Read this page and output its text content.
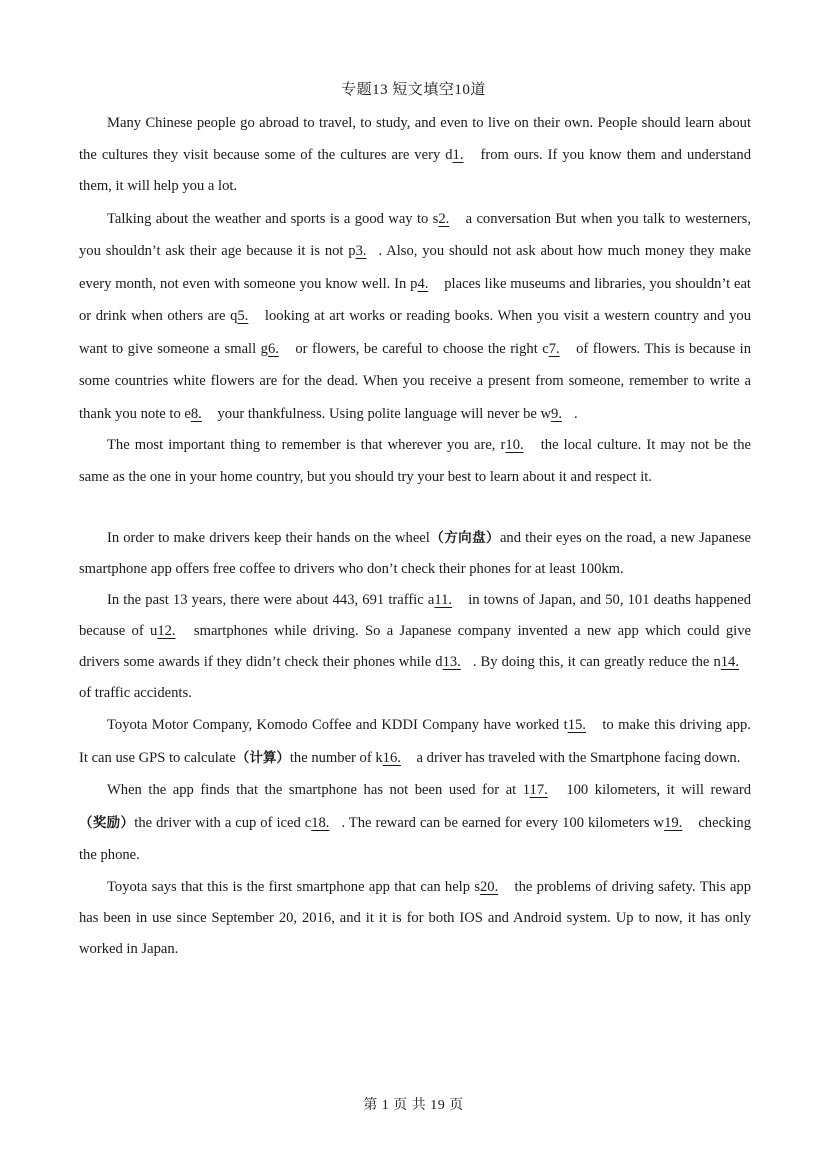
专题13 短文填空10道

Many Chinese people go abroad to travel, to study, and even to live on their own. People should learn about the cultures they visit because some of the cultures are very d1. from ours. If you know them and understand them, it will help you a lot.

Talking about the weather and sports is a good way to s2. a conversation But when you talk to westerners, you shouldn’t ask their age because it is not p3. . Also, you should not ask about how much money they make every month, not even with someone you know well. In p4. places like museums and libraries, you shouldn’t eat or drink when others are q5. looking at art works or reading books. When you visit a western country and you want to give someone a small g6. or flowers, be careful to choose the right c7. of flowers. This is because in some countries white flowers are for the dead. When you receive a present from someone, remember to write a thank you note to e8. your thankfulness. Using polite language will never be w9. .

The most important thing to remember is that wherever you are, r10. the local culture. It may not be the same as the one in your home country, but you should try your best to learn about it and respect it.

In order to make drivers keep their hands on the wheel（方向盘）and their eyes on the road, a new Japanese smartphone app offers free coffee to drivers who don’t check their phones for at least 100km.

In the past 13 years, there were about 443, 691 traffic a11. in towns of Japan, and 50, 101 deaths happened because of u12. smartphones while driving. So a Japanese company invented a new app which could give drivers some awards if they didn’t check their phones while d13. . By doing this, it can greatly reduce the n14. of traffic accidents.

Toyota Motor Company, Komodo Coffee and KDDI Company have worked t15. to make this driving app. It can use GPS to calculate（计算）the number of k16. a driver has traveled with the Smartphone facing down.

When the app finds that the smartphone has not been used for at 117. 100 kilometers, it will reward（奖励）the driver with a cup of iced c18. . The reward can be earned for every 100 kilometers w19. checking the phone.

Toyota says that this is the first smartphone app that can help s20. the problems of driving safety. This app has been in use since September 20, 2016, and it it is for both IOS and Android system. Up to now, it has only worked in Japan.

第 1 页 共 19 页
